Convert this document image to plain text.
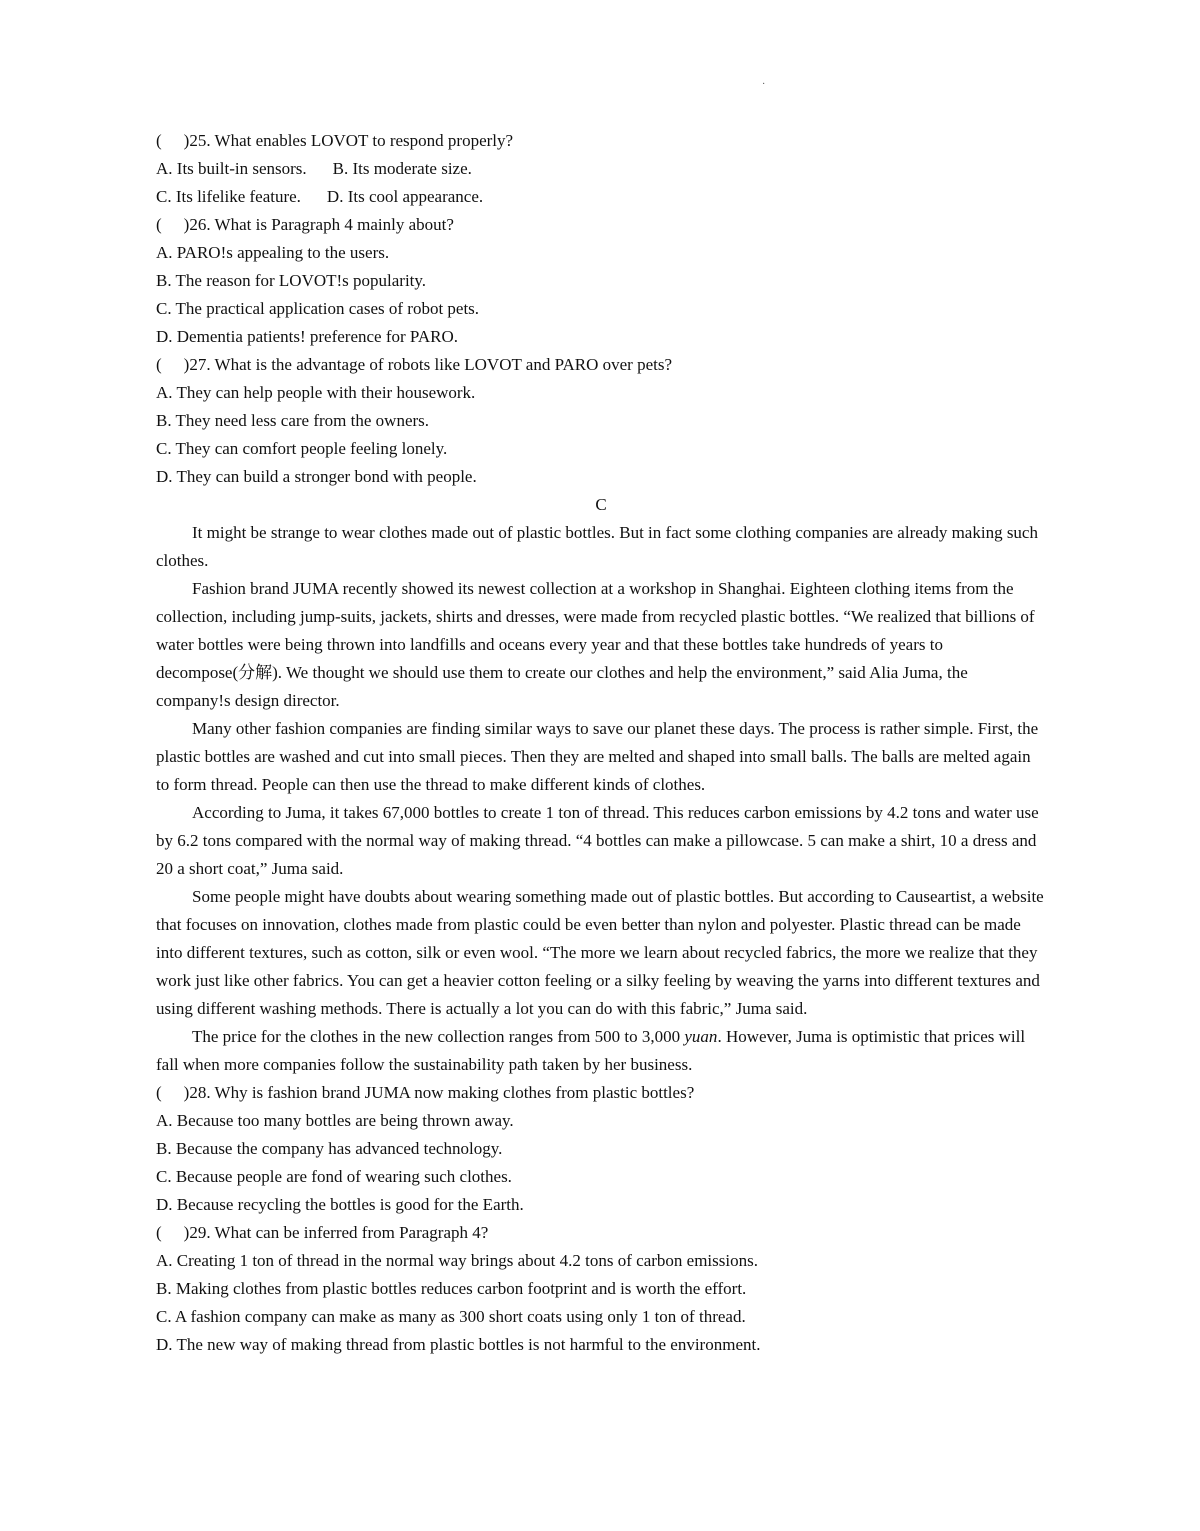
·
( )25. What enables LOVOT to respond properly?
A. Its built-in sensors. B. Its moderate size.
C. Its lifelike feature. D. Its cool appearance.
( )26. What is Paragraph 4 mainly about?
A. PARO!s appealing to the users.
B. The reason for LOVOT!s popularity.
C. The practical application cases of robot pets.
D. Dementia patients! preference for PARO.
( )27. What is the advantage of robots like LOVOT and PARO over pets?
A. They can help people with their housework.
B. They need less care from the owners.
C. They can comfort people feeling lonely.
D. They can build a stronger bond with people.
C

It might be strange to wear clothes made out of plastic bottles. But in fact some clothing companies are already making such clothes.

Fashion brand JUMA recently showed its newest collection at a workshop in Shanghai. Eighteen clothing items from the collection, including jump-suits, jackets, shirts and dresses, were made from recycled plastic bottles. “We realized that billions of water bottles were being thrown into landfills and oceans every year and that these bottles take hundreds of years to decompose(分解). We thought we should use them to create our clothes and help the environment,” said Alia Juma, the company!s design director.

Many other fashion companies are finding similar ways to save our planet these days. The process is rather simple. First, the plastic bottles are washed and cut into small pieces. Then they are melted and shaped into small balls. The balls are melted again to form thread. People can then use the thread to make different kinds of clothes.

According to Juma, it takes 67,000 bottles to create 1 ton of thread. This reduces carbon emissions by 4.2 tons and water use by 6.2 tons compared with the normal way of making thread. “4 bottles can make a pillowcase. 5 can make a shirt, 10 a dress and 20 a short coat,” Juma said.

Some people might have doubts about wearing something made out of plastic bottles. But according to Causeartist, a website that focuses on innovation, clothes made from plastic could be even better than nylon and polyester. Plastic thread can be made into different textures, such as cotton, silk or even wool. “The more we learn about recycled fabrics, the more we realize that they work just like other fabrics. You can get a heavier cotton feeling or a silky feeling by weaving the yarns into different textures and using different washing methods. There is actually a lot you can do with this fabric,” Juma said.

The price for the clothes in the new collection ranges from 500 to 3,000 yuan. However, Juma is optimistic that prices will fall when more companies follow the sustainability path taken by her business.

( )28. Why is fashion brand JUMA now making clothes from plastic bottles?
A. Because too many bottles are being thrown away.
B. Because the company has advanced technology.
C. Because people are fond of wearing such clothes.
D. Because recycling the bottles is good for the Earth.
( )29. What can be inferred from Paragraph 4?
A. Creating 1 ton of thread in the normal way brings about 4.2 tons of carbon emissions.
B. Making clothes from plastic bottles reduces carbon footprint and is worth the effort.
C. A fashion company can make as many as 300 short coats using only 1 ton of thread.
D. The new way of making thread from plastic bottles is not harmful to the environment.
